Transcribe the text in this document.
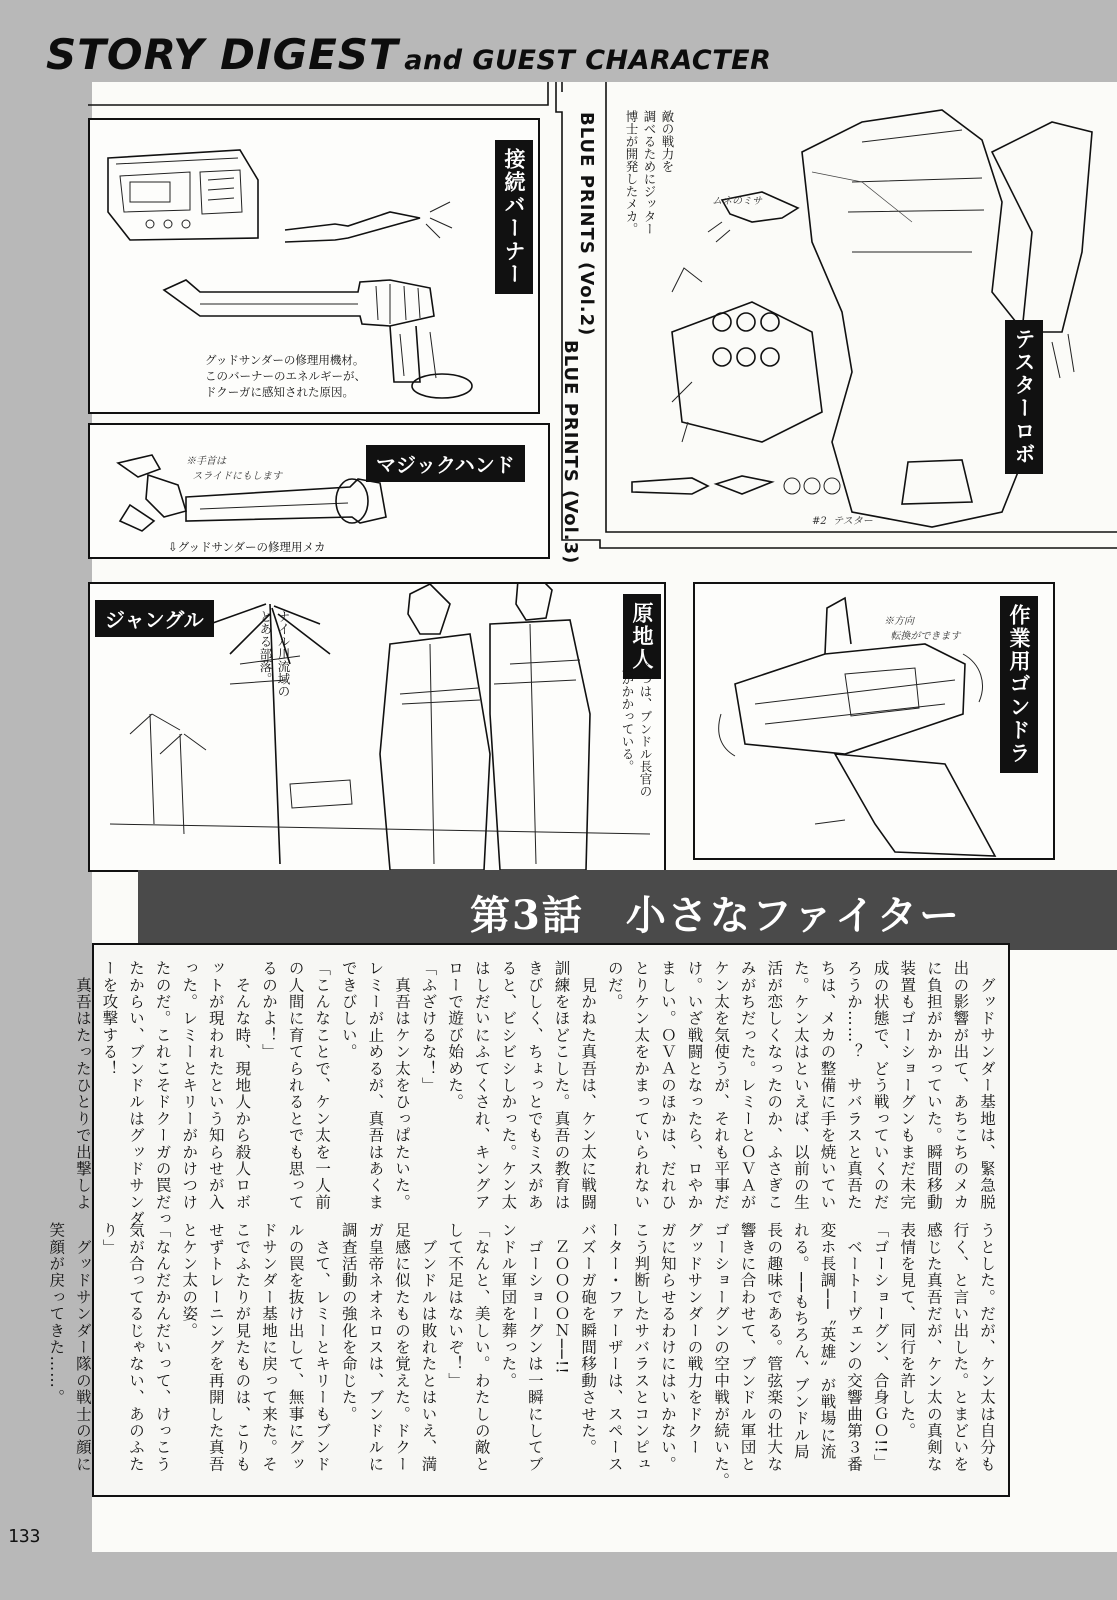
STORY DIGEST and GUEST CHARACTER
接続バーナー
グッドサンダーの修理用機材。
このバーナーのエネルギーが、
ドクーガに感知された原因。
BLUE PRINTS (Vol.2)
BLUE PRINTS (Vol.3)	テスターロボ
敵の戦力を
調べるためにジッター
博士が開発したメカ。	ムネのミサ
#2  テスター
マジックハンド
※手首は
スライドにもします
⇩グッドサンダーの修理用メカ
ジャングル	ナイル川流域の
とある部落。	原地人
じつは、ブンドル長官の
息がかかっている。	作業用ゴンドラ
※方向
転換ができます
第3話　小さなファイター
　グッドサンダー基地は、緊急脱
出の影響が出て、あちこちのメカ
に負担がかかっていた。瞬間移動
装置もゴーショーグンもまだ未完
成の状態で、どう戦っていくのだ
ろうか……？　サバラスと真吾た
ちは、メカの整備に手を焼いてい
た。ケン太はといえば、以前の生
活が恋しくなったのか、ふさぎこ
みがちだった。レミーとＯＶＡが
ケン太を気使うが、それも平事だ
け。いざ戦闘となったら、ロやか
ましい。ＯＶＡのほかは、だれひ
とりケン太をかまっていられない
のだ。
　見かねた真吾は、ケン太に戦闘
訓練をほどこした。真吾の教育は
きびしく、ちょっとでもミスがあ
ると、ビシビシしかった。ケン太
はしだいにふてくされ、キングア
ローで遊び始めた。
「ふざけるな！」
　真吾はケン太をひっぱたいた。
レミーが止めるが、真吾はあくま
できびしい。
「こんなことで、ケン太を一人前
の人間に育てられるとでも思って
るのかよ！」
　そんな時、現地人から殺人ロボ
ットが現われたという知らせが入
った。レミーとキリーがかけつけ
たのだ。これこそドクーガの罠だっ
たからい、ブンドルはグッドサンダ
ーを攻撃する！
　真吾はたったひとりで出撃しよ
うとした。だが、ケン太は自分も
行く、と言い出した。とまどいを
感じた真吾だが、ケン太の真剣な
表情を見て、同行を許した。
「ゴーショーグン、合身ＧＯ!!」
　ベートーヴェンの交響曲第３番
変ホ長調──〝英雄〟が戦場に流
れる。──もちろん、ブンドル局
長の趣味である。管弦楽の壮大な
響きに合わせて、ブンドル軍団と
ゴーショーグンの空中戦が続いた。
グッドサンダーの戦力をドクー
ガに知らせるわけにはいかない。
こう判断したサバラスとコンピュ
ーター・ファーザーは、スペース
バズーガ砲を瞬間移動させた。
　ＺＯＯＯＯＮ──!!
　ゴーショーグンは一瞬にしてブ
ンドル軍団を葬った。
「なんと、美しい。わたしの敵と
して不足はないぞ！」
　ブンドルは敗れたとはいえ、満
足感に似たものを覚えた。ドクー
ガ皇帝ネオネロスは、ブンドルに
調査活動の強化を命じた。
　さて、レミーとキリーもブンド
ルの罠を抜け出して、無事にグッ
ドサンダー基地に戻って来た。そ
こでふたりが見たものは、こりも
せずトレーニングを再開した真吾
とケン太の姿。
「なんだかんだいって、けっこう
気が合ってるじゃない、あのふた
り」
　グッドサンダー隊の戦士の顔に
笑顔が戻ってきた……。
133
